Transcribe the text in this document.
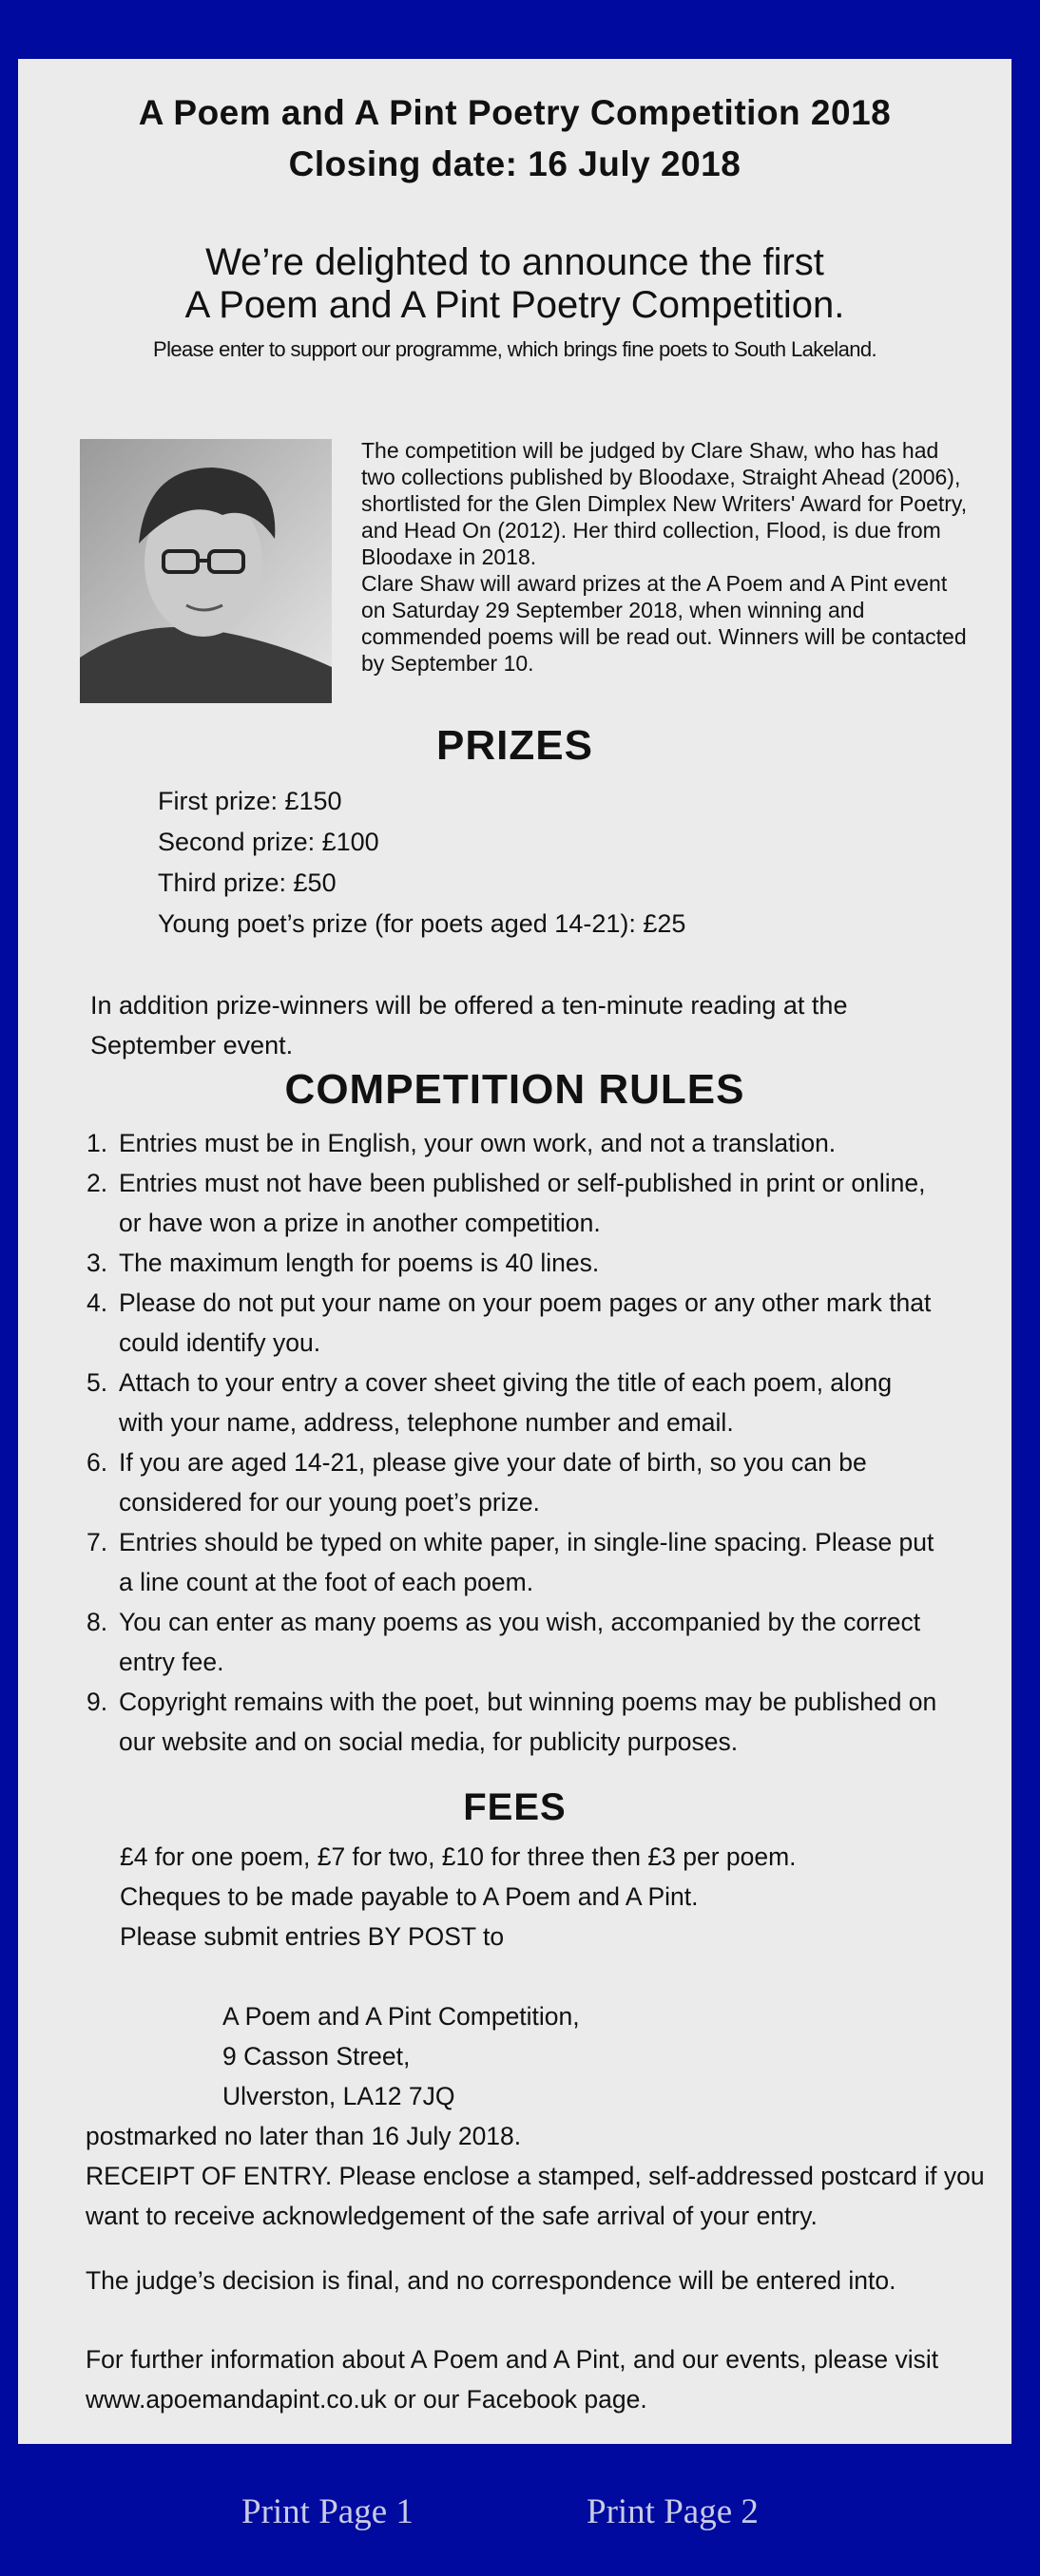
A Poem and A Pint Poetry Competition 2018
Closing date: 16 July 2018
We’re delighted to announce the first
A Poem and A Pint Poetry Competition.
Please enter to support our programme, which brings fine poets to South Lakeland.

The competition will be judged by Clare Shaw, who has had two collections published by Bloodaxe, Straight Ahead (2006), shortlisted for the Glen Dimplex New Writers' Award for Poetry, and Head On (2012). Her third collection, Flood, is due from Bloodaxe in 2018.

Clare Shaw will award prizes at the A Poem and A Pint event on Saturday 29 September 2018, when winning and commended poems will be read out. Winners will be contacted by September 10.

PRIZES
First prize: £150
Second prize: £100
Third prize: £50
Young poet’s prize (for poets aged 14-21): £25
In addition prize-winners will be offered a ten-minute reading at the September event.
COMPETITION RULES
1. Entries must be in English, your own work, and not a translation.
2. Entries must not have been published or self-published in print or online, or have won a prize in another competition.
3. The maximum length for poems is 40 lines.
4. Please do not put your name on your poem pages or any other mark that could identify you.
5. Attach to your entry a cover sheet giving the title of each poem, along with your name, address, telephone number and email.
6. If you are aged 14-21, please give your date of birth, so you can be considered for our young poet’s prize.
7. Entries should be typed on white paper, in single-line spacing. Please put a line count at the foot of each poem.
8. You can enter as many poems as you wish, accompanied by the correct entry fee.
9. Copyright remains with the poet, but winning poems may be published on our website and on social media, for publicity purposes.
FEES
£4 for one poem, £7 for two, £10 for three then £3 per poem.
Cheques to be made payable to A Poem and A Pint.
Please submit entries BY POST to
A Poem and A Pint Competition,
9 Casson Street,
Ulverston, LA12 7JQ
postmarked no later than 16 July 2018.
RECEIPT OF ENTRY. Please enclose a stamped, self-addressed postcard if you want to receive acknowledgement of the safe arrival of your entry.
The judge’s decision is final, and no correspondence will be entered into.
For further information about A Poem and A Pint, and our events, please visit www.apoemandapint.co.uk or our Facebook page.
Print Page 1	Print Page 2
